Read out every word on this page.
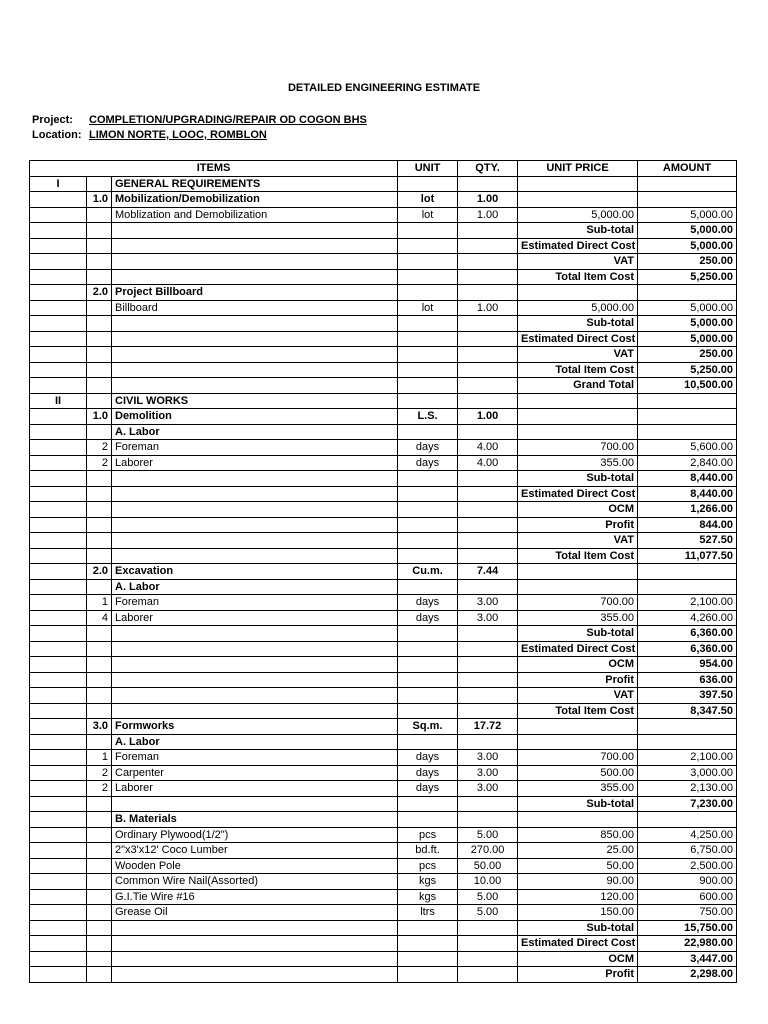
DETAILED ENGINEERING ESTIMATE
Project: COMPLETION/UPGRADING/REPAIR OD COGON BHS
Location: LIMON NORTE, LOOC, ROMBLON
ITEMS			UNIT	QTY.	UNIT PRICE	AMOUNT
I		GENERAL REQUIREMENTS				
	1.0	Mobilization/Demobilization	lot	1.00		
		Moblization and Demobilization	lot	1.00	5,000.00	5,000.00
					Sub-total	5,000.00
					Estimated Direct Cost	5,000.00
					VAT	250.00
					Total Item Cost	5,250.00
	2.0	Project Billboard				
		Billboard	lot	1.00	5,000.00	5,000.00
					Sub-total	5,000.00
					Estimated Direct Cost	5,000.00
					VAT	250.00
					Total Item Cost	5,250.00
					Grand Total	10,500.00
II		CIVIL WORKS				
	1.0	Demolition	L.S.	1.00		
		A. Labor				
	2	Foreman	days	4.00	700.00	5,600.00
	2	Laborer	days	4.00	355.00	2,840.00
					Sub-total	8,440.00
					Estimated Direct Cost	8,440.00
					OCM	1,266.00
					Profit	844.00
					VAT	527.50
					Total Item Cost	11,077.50
	2.0	Excavation	Cu.m.	7.44		
		A. Labor				
	1	Foreman	days	3.00	700.00	2,100.00
	4	Laborer	days	3.00	355.00	4,260.00
					Sub-total	6,360.00
					Estimated Direct Cost	6,360.00
					OCM	954.00
					Profit	636.00
					VAT	397.50
					Total Item Cost	8,347.50
	3.0	Formworks	Sq.m.	17.72		
		A. Labor				
	1	Foreman	days	3.00	700.00	2,100.00
	2	Carpenter	days	3.00	500.00	3,000.00
	2	Laborer	days	3.00	355.00	2,130.00
					Sub-total	7,230.00
		B. Materials				
		Ordinary Plywood(1/2")	pcs	5.00	850.00	4,250.00
		2"x3'x12' Coco Lumber	bd.ft.	270.00	25.00	6,750.00
		Wooden Pole	pcs	50.00	50.00	2,500.00
		Common Wire Nail(Assorted)	kgs	10.00	90.00	900.00
		G.I.Tie Wire #16	kgs	5.00	120.00	600.00
		Grease Oil	ltrs	5.00	150.00	750.00
					Sub-total	15,750.00
					Estimated Direct Cost	22,980.00
					OCM	3,447.00
					Profit	2,298.00
